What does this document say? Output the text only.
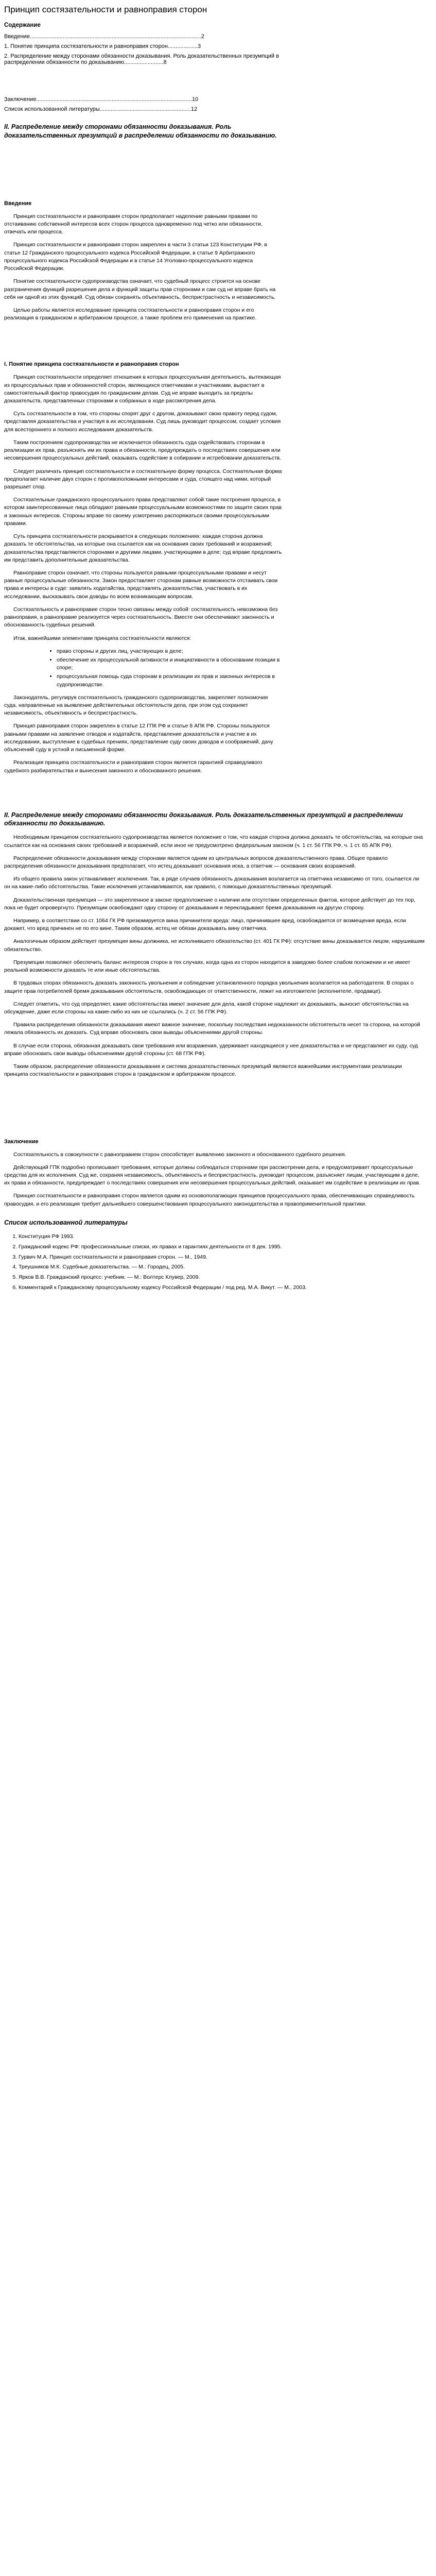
Принцип состязательности и равноправия сторон
Содержание
Введение.............................................................................................................2
1. Понятие принципа состязательности и равноправия сторон...................3
2. Распределение между сторонами обязанности доказывания. Роль доказательственных презумпций в распределении обязанности по доказыванию.........................8
Заключение...................................................................................................10
Список использованной литературы..........................................................12
II. Распределение между сторонами обязанности доказывания. Роль доказательственных презумпций в распределении обязанности по доказыванию.
Введение

Принцип состязательности и равноправия сторон предполагает наделение равными правами по отстаиванию собственной интересов всех сторон процесса одновременно под четко или обязанности, отвечать или процесса.

Принцип состязательности и равноправия сторон закреплен в части 3 статьи 123 Конституции РФ, в статье 12 Гражданского процессуального кодекса Российской Федерации, в статье 9 Арбитражного процессуального кодекса Российской Федерации и в статье 14 Уголовно-процессуального кодекса Российской Федерации.

Понятие состязательности судопроизводства означает, что судебный процесс строится на основе разграничения функций разрешения дела и функций защиты прав сторонами и сам суд не вправе брать на себя ни одной из этих функций. Суд обязан сохранять объективность, беспристрастность и независимость.

Целью работы является исследование принципа состязательности и равноправия сторон и его реализация в гражданском и арбитражном процессе, а также проблем его применения на практике.

I. Понятие принципа состязательности и равноправия сторон

Принцип состязательности определяет отношения в которых процессуальная деятельность, вытекающая из процессуальных прав и обязанностей сторон, являющихся ответчиками и участниками, вырастает в самостоятельный фактор правосудия по гражданским делам. Суд не вправе выходить за пределы доказательств, представленных сторонами и собранных в ходе рассмотрения дела.

Суть состязательности в том, что стороны спорят друг с другом, доказывают свою правоту перед судом, представляя доказательства и участвуя в их исследовании. Суд лишь руководит процессом, создает условия для всестороннего и полного исследования доказательств.

Таким построением судопроизводства не исключается обязанность суда содействовать сторонам в реализации их прав, разъяснять им их права и обязанности, предупреждать о последствиях совершения или несовершения процессуальных действий, оказывать содействие в собирании и истребовании доказательств.

Следует различать принцип состязательности и состязательную форму процесса. Состязательная форма предполагает наличие двух сторон с противоположными интересами и суда, стоящего над ними, который разрешает спор.

Состязательные гражданского процессуального права представляют собой такие построения процесса, в котором заинтересованные лица обладают равными процессуальными возможностями по защите своих прав и законных интересов. Стороны вправе по своему усмотрению распоряжаться своими процессуальными правами.

Суть принципа состязательности раскрывается в следующих положениях: каждая сторона должна доказать те обстоятельства, на которые она ссылается как на основания своих требований и возражений; доказательства представляются сторонами и другими лицами, участвующими в деле; суд вправе предложить им представить дополнительные доказательства.

Равноправие сторон означает, что стороны пользуются равными процессуальными правами и несут равные процессуальные обязанности. Закон предоставляет сторонам равные возможности отстаивать свои права и интересы в суде: заявлять ходатайства, представлять доказательства, участвовать в их исследовании, высказывать свои доводы по всем возникающим вопросам.

Состязательность и равноправие сторон тесно связаны между собой: состязательность невозможна без равноправия, а равноправие реализуется через состязательность. Вместе они обеспечивают законность и обоснованность судебных решений.

Итак, важнейшими элементами принципа состязательности являются:

• право стороны и других лиц, участвующих в деле;
• обеспечение их процессуальной активности и инициативности в обосновании позиции в споре;
• процессуальная помощь суда сторонам в реализации их прав и законных интересов в судопроизводстве.

Законодатель, регулируя состязательность гражданского судопроизводства, закрепляет полномочия суда, направленные на выявление действительных обстоятельств дела, при этом суд сохраняет независимость, объективность и беспристрастность.

Принцип равноправия сторон закреплен в статье 12 ГПК РФ и статье 8 АПК РФ. Стороны пользуются равными правами на заявление отводов и ходатайств, представление доказательств и участие в их исследовании, выступление в судебных прениях, представление суду своих доводов и соображений, дачу объяснений суду в устной и письменной форме.

Реализация принципа состязательности и равноправия сторон является гарантией справедливого судебного разбирательства и вынесения законного и обоснованного решения.

II. Распределение между сторонами обязанности доказывания. Роль доказательственных презумпций в распределении обязанности по доказыванию.

Необходимым принципом состязательного судопроизводства является положение о том, что каждая сторона должна доказать те обстоятельства, на которые она ссылается как на основания своих требований и возражений, если иное не предусмотрено федеральным законом (ч. 1 ст. 56 ГПК РФ, ч. 1 ст. 65 АПК РФ).

Распределение обязанности доказывания между сторонами является одним из центральных вопросов доказательственного права. Общее правило распределения обязанности доказывания предполагает, что истец доказывает основания иска, а ответчик — основания своих возражений.

Из общего правила закон устанавливает исключения. Так, в ряде случаев обязанность доказывания возлагается на ответчика независимо от того, ссылается ли он на какие-либо обстоятельства. Такие исключения устанавливаются, как правило, с помощью доказательственных презумпций.

Доказательственная презумпция — это закрепленное в законе предположение о наличии или отсутствии определенных фактов, которое действует до тех пор, пока не будет опровергнуто. Презумпции освобождают одну сторону от доказывания и перекладывают бремя доказывания на другую сторону.

Например, в соответствии со ст. 1064 ГК РФ презюмируется вина причинителя вреда: лицо, причинившее вред, освобождается от возмещения вреда, если докажет, что вред причинен не по его вине. Таким образом, истец не обязан доказывать вину ответчика.

Аналогичным образом действует презумпция вины должника, не исполнившего обязательство (ст. 401 ГК РФ): отсутствие вины доказывается лицом, нарушившим обязательство.

Презумпции позволяют обеспечить баланс интересов сторон в тех случаях, когда одна из сторон находится в заведомо более слабом положении и не имеет реальной возможности доказать те или иные обстоятельства.

В трудовых спорах обязанность доказать законность увольнения и соблюдение установленного порядка увольнения возлагается на работодателя. В спорах о защите прав потребителей бремя доказывания обстоятельств, освобождающих от ответственности, лежит на изготовителе (исполнителе, продавце).

Следует отметить, что суд определяет, какие обстоятельства имеют значение для дела, какой стороне надлежит их доказывать, выносит обстоятельства на обсуждение, даже если стороны на какие-либо из них не ссылались (ч. 2 ст. 56 ГПК РФ).

Правила распределения обязанности доказывания имеют важное значение, поскольку последствия недоказанности обстоятельств несет та сторона, на которой лежала обязанность их доказать. Суд вправе обосновать свои выводы объяснениями другой стороны.

В случае если сторона, обязанная доказывать свои требования или возражения, удерживает находящиеся у нее доказательства и не представляет их суду, суд вправе обосновать свои выводы объяснениями другой стороны (ст. 68 ГПК РФ).

Таким образом, распределение обязанности доказывания и система доказательственных презумпций являются важнейшими инструментами реализации принципа состязательности и равноправия сторон в гражданском и арбитражном процессе.

Заключение

Состязательность в совокупности с равноправием сторон способствует выявлению законного и обоснованного судебного решения.

Действующий ГПК подробно прописывает требования, которые должны соблюдаться сторонами при рассмотрении дела, и предусматривает процессуальные средства для их исполнения. Суд же, сохраняя независимость, объективность и беспристрастность, руководит процессом, разъясняет лицам, участвующим в деле, их права и обязанности, предупреждает о последствиях совершения или несовершения процессуальных действий, оказывает им содействие в реализации их прав.

Принцип состязательности и равноправия сторон является одним из основополагающих принципов процессуального права, обеспечивающих справедливость правосудия, и его реализация требует дальнейшего совершенствования процессуального законодательства и правоприменительной практики.

Список использованной литературы
1. Конституция РФ 1993.
2. Гражданский кодекс РФ: профессиональные списки, их правах и гарантиях деятельности от 8 дек. 1995.
3. Гурвич М.А. Принцип состязательности и равноправия сторон. — М., 1949.
4. Треушников М.К. Судебные доказательства. — М.: Городец, 2005.
5. Ярков В.В. Гражданский процесс: учебник. — М.: Волтерс Клувер, 2009.
6. Комментарий к Гражданскому процессуальному кодексу Российской Федерации / под ред. М.А. Викут. — М., 2003.
